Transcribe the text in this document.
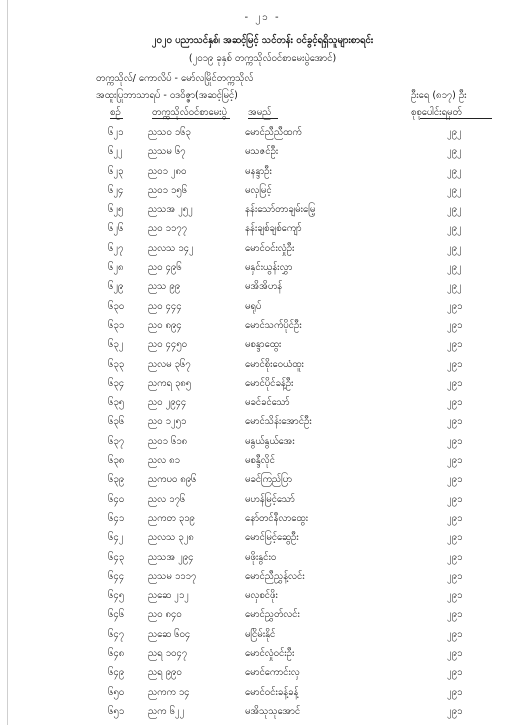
- ၂၁ -
၂၀၂၀ ပညာသင်နှစ်၊ အဆင့်မြင့် သင်တန်း ဝင်ခွင့်ရရှိသူများစာရင်း
(၂၀၁၉ ခုနှစ် တက္ကသိုလ်ဝင်စာမေးပွဲအောင်)
တက္ကသိုလ်/ ကောလိပ် - မော်လမြိုင်တက္ကသိုလ်
အထူးပြုဘာသာရပ် - ဝဒဝိဇ္ဇာ(အဆင့်မြင့်)	ဦးရေ (၈၁၇) ဦး
စုစုပေါင်းရမှတ်
စဉ်	တက္ကသိုလ်ဝင်စာမေးပွဲ အမည်
၆၂၁	ညသ၀ ၁၆၃	မောင်ညီညီထက်	၂၉၂
၆၂၂	ညသမ ၆၇	မသဇင်ဦး	၂၉၂
၆၂၃	ညဝ၁ ၂၈၀	မနန္ဒာဦး	၂၉၂
၆၂၄	ညဝ၁ ၁၅၆	မလှမြင့်	၂၉၂
၆၂၅	ညသအ ၂၅၂	နန်းသော်တာချမ်းမြေ့	၂၉၂
၆၂၆	ညဝ ၁၁၇၇	နန်းချစ်ချစ်ကျော်	၂၉၂
၆၂၇	ညလသ ၁၄၂	မောင်ဝင်းလှုံဦး	၂၉၂
၆၂၈	ညဝ ၄၉၆	မနှင်းယွန်းလွှာ	၂၉၂
၆၂၉	ညသ ၉၉	မအိအိဟန်	၂၉၂
၆၃၀	ညဝ ၄၄၄	မရုပ်	၂၉၁
၆၃၁	ညဝ ၈၉၄	မောင်သက်ပိုင်ဦး	၂၉၁
၆၃၂	ညဝ ၄၄၅၀	မစန္ဒာထွေး	၂၉၁
၆၃၃	ညလမ ၃၆၇	မောင်စိုးဝေယံထူး	၂၉၁
၆၃၄	ညကရ ၃၈၅	မောင်ပိုင်ခန့်ဦး	၂၉၁
၆၃၅	ညဝ ၂၉၄၄	မခင်ခင်သော်	၂၉၁
၆၃၆	ညဝ ၁၂၅၁	မောင်သိန်းအောင်ဦး	၂၉၁
၆၃၇	ညဝ၁ ၆၁၈	မနွယ်နွယ်အေး	၂၉၁
၆၃၈	ညလ ၈၁	မစန္ဒီလိုင်	၂၉၁
၆၃၉	ညကပ၀ ၈၉၆	မခင်ကြည်ပြာ	၂၉၁
၆၄၀	ညလ ၁၇၆	မဟန်မြင့်သော်	၂၉၁
၆၄၁	ညကတ ၃၁၉	နော်တင်နီလာထွေး	၂၉၁
၆၄၂	ညလသ ၃၂၈	မောင်မြင့်ဆွေဦး	၂၉၁
၆၄၃	ညသအ ၂၉၄	မဖိုးနွင်း၀	၂၉၁
၆၄၄	ညသမ ၁၁၁၇	မောင်ညီညွှန့်လင်း	၂၉၁
၆၄၅	ညဆေ ၂၁၂	မလှစင်ဖိုး	၂၉၁
၆၄၆	ညဝ ၈၄၀	မောင်ညွှတ်လင်း	၂၉၁
၆၄၇	ညဆေ ၆၀၄	မငြိမ်းနိုင်	၂၉၁
၆၄၈	ညရ ၁၀၄၇	မောင်လှုံဝင်းဦး	၂၉၁
၆၄၉	ညရ ၉၉၀	မောင်ကောင်းလှ	၂၉၁
၆၅၀	ညကက ၁၄	မောင်ဝင်းခန့်ခန့်	၂၉၁
၆၅၁	ညက ၆၂၂	မအိသုသုအောင်	၂၉၁
